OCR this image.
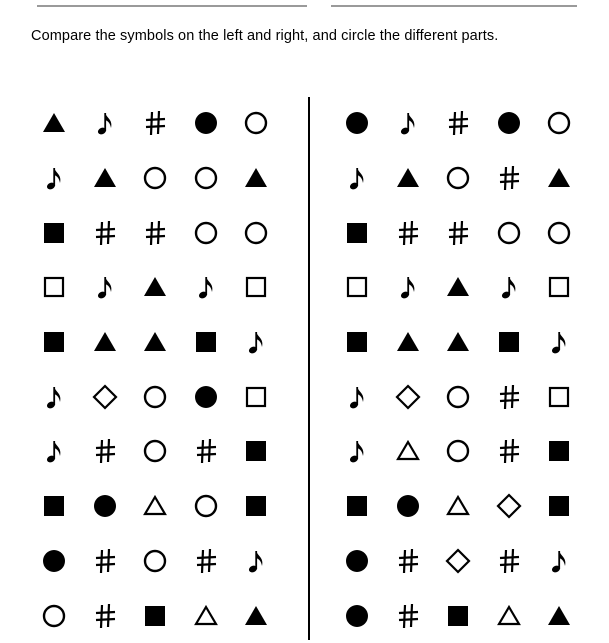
Compare the symbols on the left and right, and circle the different parts.
